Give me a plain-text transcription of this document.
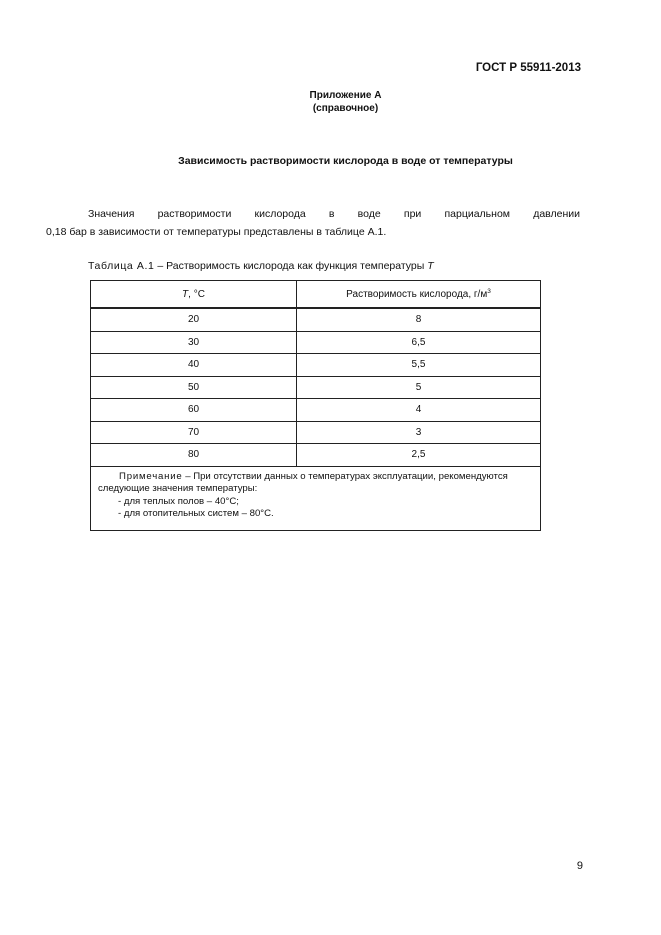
ГОСТ Р 55911-2013
Приложение А
(справочное)
Зависимость растворимости кислорода в воде от температуры
Значения растворимости кислорода в воде при парциальном давлении
0,18 бар в зависимости от температуры представлены в таблице А.1.
Таблица А.1 – Растворимость кислорода как функция температуры T
T, °C	Растворимость кислорода, $г/м^3$
20	8
30	6,5
40	5,5
50	5
60	4
70	3
80	2,5

Примечание – При отсутствии данных о температурах эксплуатации, рекомендуются
следующие значения температуры:
- для теплых полов – 40°C;
- для отопительных систем – 80°C.	
9
